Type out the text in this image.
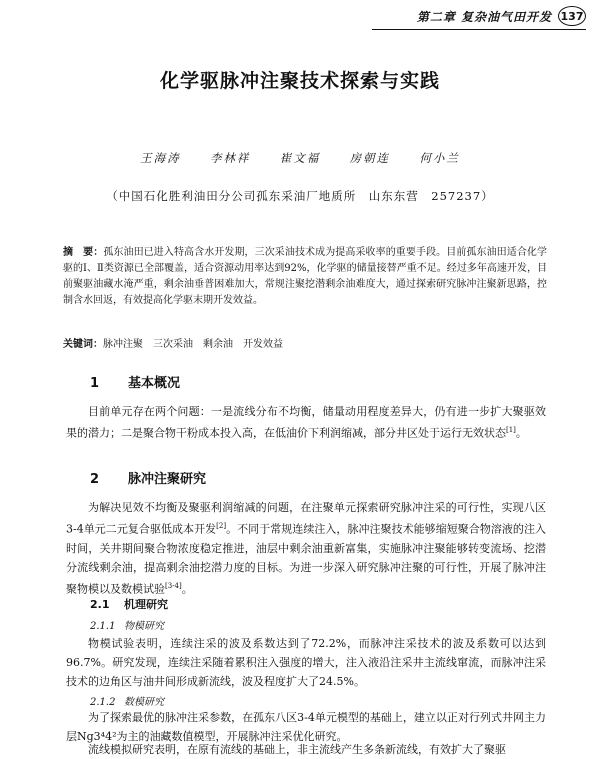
第二章 复杂油气田开发 137
化学驱脉冲注聚技术探索与实践
王海涛	李林祥	崔文福	房朝连	何小兰
（中国石化胜利油田分公司孤东采油厂地质所　山东东营　257237）
摘　要：孤东油田已进入特高含水开发期，三次采油技术成为提高采收率的重要手段。目前孤东油田适合化学驱的Ⅰ、Ⅱ类资源已全部覆盖，适合资源动用率达到92%，化学驱的储量接替严重不足。经过多年高速开发，目前聚驱油藏水淹严重，剩余油垂普困难加大，常规注聚挖潜剩余油难度大，通过探索研究脉冲注聚新思路，控制含水回返，有效提高化学驱末期开发效益。
关键词：脉冲注聚　三次采油　剩余油　开发效益
1 基本概况
目前单元存在两个问题：一是流线分布不均衡，储量动用程度差异大，仍有进一步扩大聚驱效果的潜力；二是聚合物干粉成本投入高，在低油价下利润缩减，部分井区处于运行无效状态[1]。
2 脉冲注聚研究
为解决见效不均衡及聚驱利润缩减的问题，在注聚单元探索研究脉冲注采的可行性，实现八区3-4单元二元复合驱低成本开发[2]。不同于常规连续注入，脉冲注聚技术能够缩短聚合物溶液的注入时间，关井期间聚合物浓度稳定推进，油层中剩余油重新富集，实施脉冲注聚能够转变流场、挖潜分流线剩余油，提高剩余油挖潜力度的目标。为进一步深入研究脉冲注聚的可行性，开展了脉冲注聚物模以及数模试验[3-4]。
2.1 机理研究
2.1.1 物模研究
物模试验表明，连续注采的波及系数达到了72.2%，而脉冲注采技术的波及系数可以达到96.7%。研究发现，连续注采随着累积注入强度的增大，注入液沿注采井主流线窜流，而脉冲注采技术的边角区与油井间形成新流线，波及程度扩大了24.5%。
2.1.2 数模研究
为了探索最优的脉冲注采参数，在孤东八区3-4单元模型的基础上，建立以正对行列式井网主力层Ng3⁴4²为主的油藏数值模型，开展脉冲注采优化研究。
流线模拟研究表明，在原有流线的基础上，非主流线产生多条新流线，有效扩大了聚驱
